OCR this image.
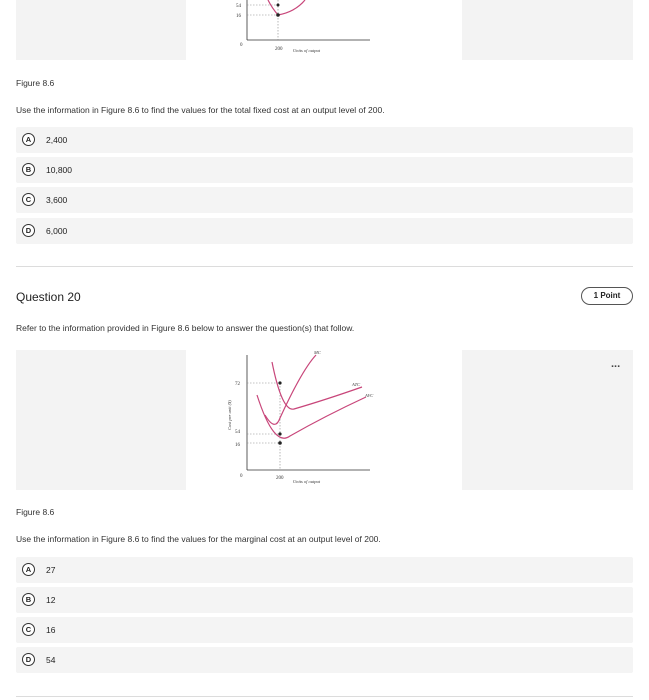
54
16
200
0
Units of output
Figure 8.6
Use the information in Figure 8.6 to find the values for the total fixed cost at an output level of 200.
A	2,400
B	10,800
C	3,600
D	6,000
Question 20	1 Point
Refer to the information provided in Figure 8.6 below to answer the question(s) that follow.
...
Cost per unit ($)
72
54
16
200
0
Units of output
MC
ATC
AVC
Figure 8.6
Use the information in Figure 8.6 to find the values for the marginal cost at an output level of 200.
A	27
B	12
C	16
D	54
